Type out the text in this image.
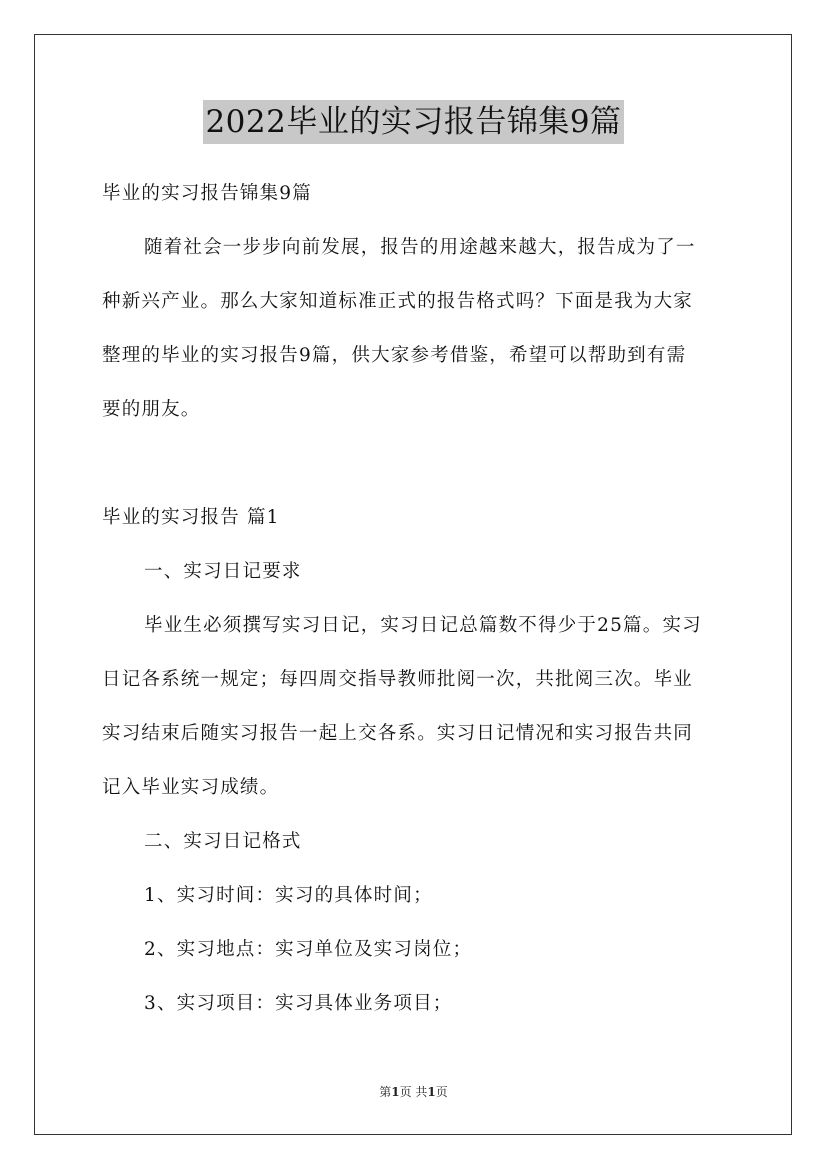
2022毕业的实习报告锦集9篇
毕业的实习报告锦集9篇
随着社会一步步向前发展，报告的用途越来越大，报告成为了一
种新兴产业。那么大家知道标准正式的报告格式吗？下面是我为大家
整理的毕业的实习报告9篇，供大家参考借鉴，希望可以帮助到有需
要的朋友。
毕业的实习报告 篇1
一、实习日记要求
毕业生必须撰写实习日记，实习日记总篇数不得少于25篇。实习
日记各系统一规定；每四周交指导教师批阅一次，共批阅三次。毕业
实习结束后随实习报告一起上交各系。实习日记情况和实习报告共同
记入毕业实习成绩。
二、实习日记格式
1、实习时间：实习的具体时间；
2、实习地点：实习单位及实习岗位；
3、实习项目：实习具体业务项目；
第1页 共1页
